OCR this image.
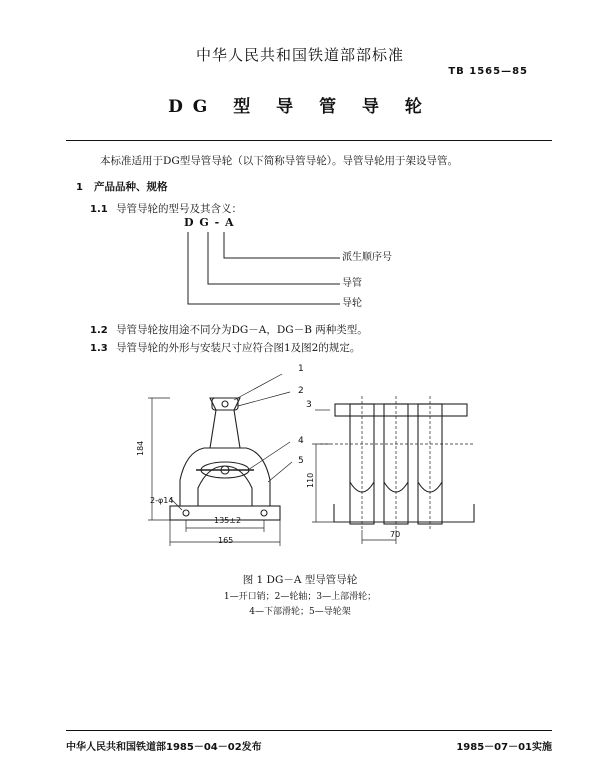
中华人民共和国铁道部部标准
TB 1565—85
DG 型 导 管 导 轮
本标准适用于DG型导管导轮（以下简称导管导轮）。导管导轮用于架设导管。
1 产品品种、规格
1.1 导管导轮的型号及其含义：
D G - A
派生顺序号
导管
导轮
1.2 导管导轮按用途不同分为DG－A，DG－B 两种类型。
1.3 导管导轮的外形与安装尺寸应符合图1及图2的规定。
1
2
3
4
5
184
2-φ14
135±2
165
110
70
图 1 DG－A 型导管导轮
1—开口销；2—轮轴；3—上部滑轮；
4—下部滑轮；5—导轮架
中华人民共和国铁道部1985－04－02发布	1985－07－01实施
